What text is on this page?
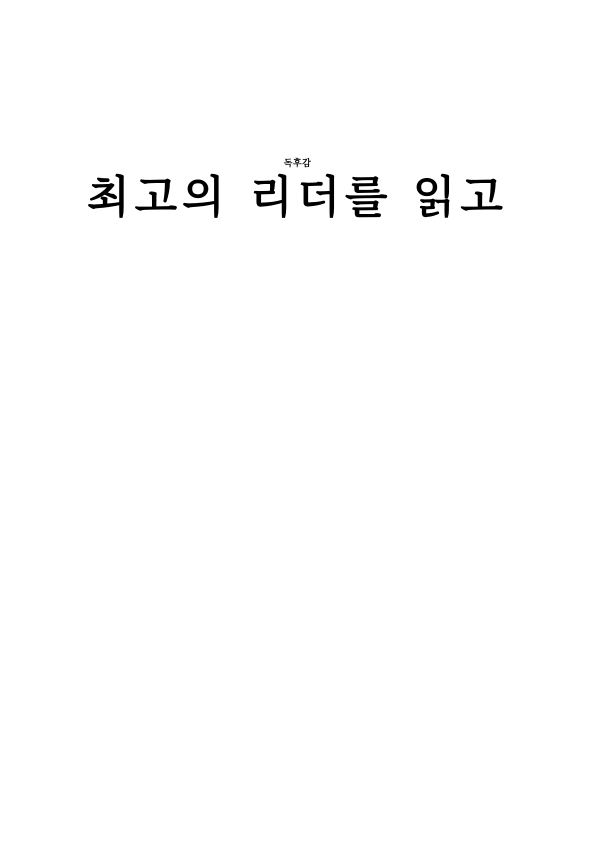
독후감
최고의 리더를 읽고
